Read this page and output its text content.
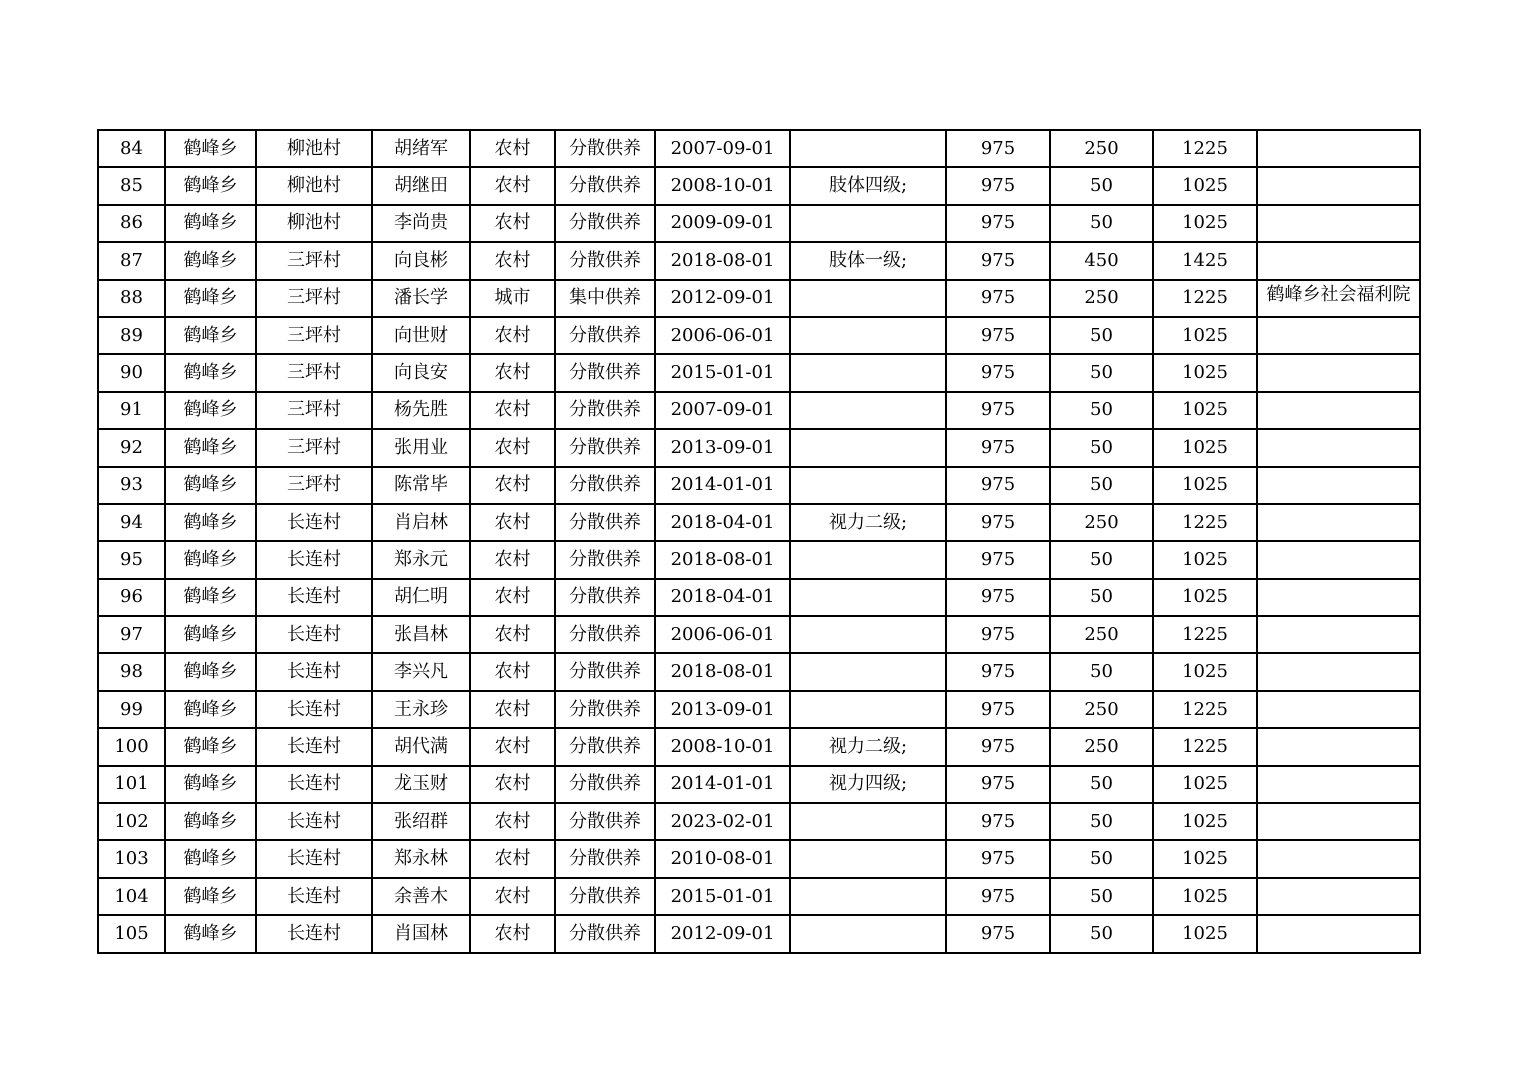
84	鹤峰乡	柳池村	胡绪军	农村	分散供养	2007-09-01		975	250	1225	

85	鹤峰乡	柳池村	胡继田	农村	分散供养	2008-10-01	肢体四级;	975	50	1025	

86	鹤峰乡	柳池村	李尚贵	农村	分散供养	2009-09-01		975	50	1025	

87	鹤峰乡	三坪村	向良彬	农村	分散供养	2018-08-01	肢体一级;	975	450	1425	

88	鹤峰乡	三坪村	潘长学	城市	集中供养	2012-09-01		975	250	1225	鹤峰乡社会福利院

89	鹤峰乡	三坪村	向世财	农村	分散供养	2006-06-01		975	50	1025	

90	鹤峰乡	三坪村	向良安	农村	分散供养	2015-01-01		975	50	1025	

91	鹤峰乡	三坪村	杨先胜	农村	分散供养	2007-09-01		975	50	1025	

92	鹤峰乡	三坪村	张用业	农村	分散供养	2013-09-01		975	50	1025	

93	鹤峰乡	三坪村	陈常毕	农村	分散供养	2014-01-01		975	50	1025	

94	鹤峰乡	长连村	肖启林	农村	分散供养	2018-04-01	视力二级;	975	250	1225	

95	鹤峰乡	长连村	郑永元	农村	分散供养	2018-08-01		975	50	1025	

96	鹤峰乡	长连村	胡仁明	农村	分散供养	2018-04-01		975	50	1025	

97	鹤峰乡	长连村	张昌林	农村	分散供养	2006-06-01		975	250	1225	

98	鹤峰乡	长连村	李兴凡	农村	分散供养	2018-08-01		975	50	1025	

99	鹤峰乡	长连村	王永珍	农村	分散供养	2013-09-01		975	250	1225	

100	鹤峰乡	长连村	胡代满	农村	分散供养	2008-10-01	视力二级;	975	250	1225	

101	鹤峰乡	长连村	龙玉财	农村	分散供养	2014-01-01	视力四级;	975	50	1025	

102	鹤峰乡	长连村	张绍群	农村	分散供养	2023-02-01		975	50	1025	

103	鹤峰乡	长连村	郑永林	农村	分散供养	2010-08-01		975	50	1025	

104	鹤峰乡	长连村	余善木	农村	分散供养	2015-01-01		975	50	1025	

105	鹤峰乡	长连村	肖国林	农村	分散供养	2012-09-01		975	50	1025	
